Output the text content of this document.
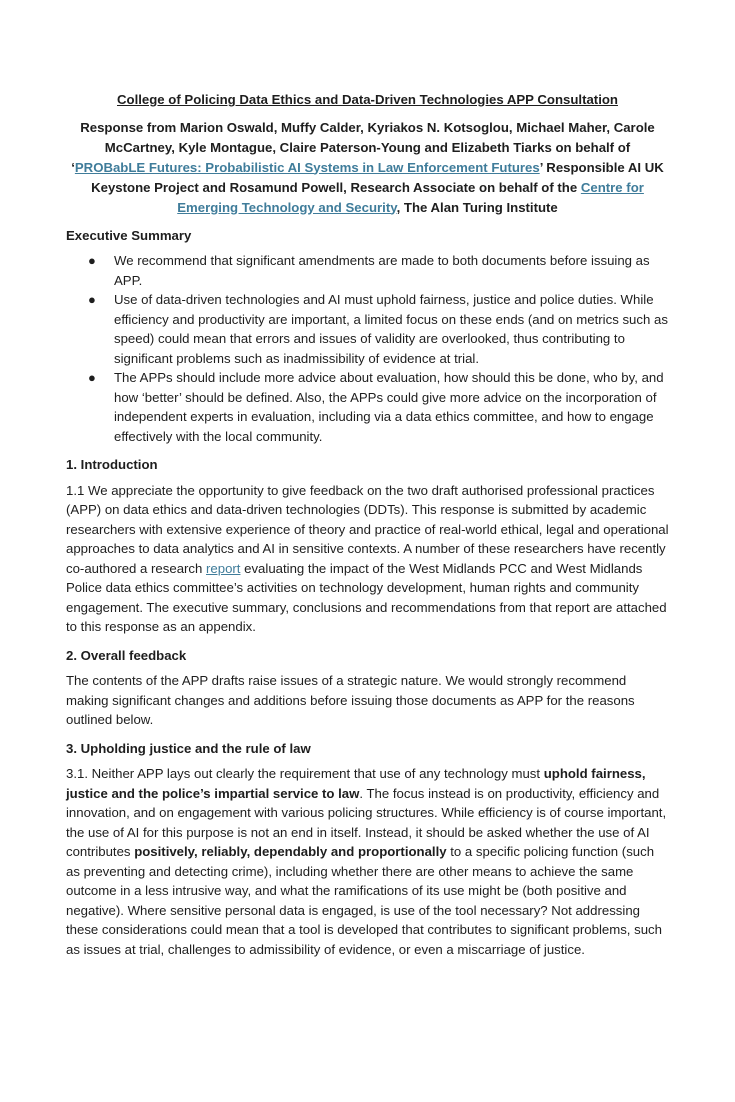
College of Policing Data Ethics and Data-Driven Technologies APP Consultation
Response from Marion Oswald, Muffy Calder, Kyriakos N. Kotsoglou, Michael Maher, Carole McCartney, Kyle Montague, Claire Paterson-Young and Elizabeth Tiarks on behalf of ‘PROBabLE Futures: Probabilistic AI Systems in Law Enforcement Futures’ Responsible AI UK Keystone Project and Rosamund Powell, Research Associate on behalf of the Centre for Emerging Technology and Security, The Alan Turing Institute
Executive Summary
● We recommend that significant amendments are made to both documents before issuing as APP.
● Use of data-driven technologies and AI must uphold fairness, justice and police duties. While efficiency and productivity are important, a limited focus on these ends (and on metrics such as speed) could mean that errors and issues of validity are overlooked, thus contributing to significant problems such as inadmissibility of evidence at trial.
● The APPs should include more advice about evaluation, how should this be done, who by, and how ‘better’ should be defined. Also, the APPs could give more advice on the incorporation of independent experts in evaluation, including via a data ethics committee, and how to engage effectively with the local community.
1. Introduction

1.1 We appreciate the opportunity to give feedback on the two draft authorised professional practices (APP) on data ethics and data-driven technologies (DDTs). This response is submitted by academic researchers with extensive experience of theory and practice of real-world ethical, legal and operational approaches to data analytics and AI in sensitive contexts. A number of these researchers have recently co-authored a research report evaluating the impact of the West Midlands PCC and West Midlands Police data ethics committee’s activities on technology development, human rights and community engagement. The executive summary, conclusions and recommendations from that report are attached to this response as an appendix.

2. Overall feedback

The contents of the APP drafts raise issues of a strategic nature. We would strongly recommend making significant changes and additions before issuing those documents as APP for the reasons outlined below.

3. Upholding justice and the rule of law

3.1. Neither APP lays out clearly the requirement that use of any technology must uphold fairness, justice and the police’s impartial service to law. The focus instead is on productivity, efficiency and innovation, and on engagement with various policing structures. While efficiency is of course important, the use of AI for this purpose is not an end in itself. Instead, it should be asked whether the use of AI contributes positively, reliably, dependably and proportionally to a specific policing function (such as preventing and detecting crime), including whether there are other means to achieve the same outcome in a less intrusive way, and what the ramifications of its use might be (both positive and negative). Where sensitive personal data is engaged, is use of the tool necessary? Not addressing these considerations could mean that a tool is developed that contributes to significant problems, such as issues at trial, challenges to admissibility of evidence, or even a miscarriage of justice.
